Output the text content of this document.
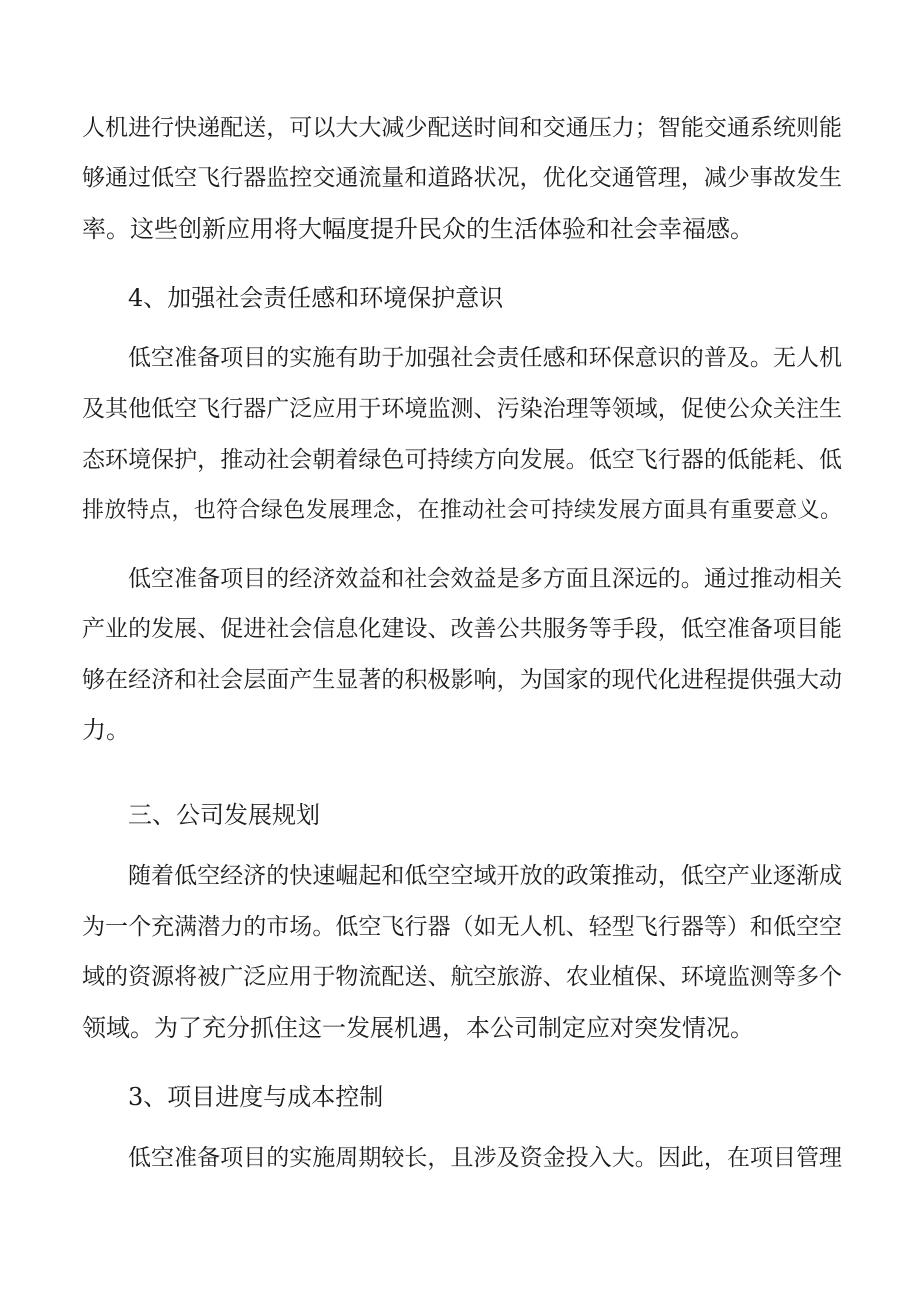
人机进行快递配送，可以大大减少配送时间和交通压力；智能交通系统则能
够通过低空飞行器监控交通流量和道路状况，优化交通管理，减少事故发生
率。这些创新应用将大幅度提升民众的生活体验和社会幸福感。
4、加强社会责任感和环境保护意识
低空准备项目的实施有助于加强社会责任感和环保意识的普及。无人机
及其他低空飞行器广泛应用于环境监测、污染治理等领域，促使公众关注生
态环境保护，推动社会朝着绿色可持续方向发展。低空飞行器的低能耗、低
排放特点，也符合绿色发展理念，在推动社会可持续发展方面具有重要意义。
低空准备项目的经济效益和社会效益是多方面且深远的。通过推动相关
产业的发展、促进社会信息化建设、改善公共服务等手段，低空准备项目能
够在经济和社会层面产生显著的积极影响，为国家的现代化进程提供强大动
力。
三、公司发展规划
随着低空经济的快速崛起和低空空域开放的政策推动，低空产业逐渐成
为一个充满潜力的市场。低空飞行器（如无人机、轻型飞行器等）和低空空
域的资源将被广泛应用于物流配送、航空旅游、农业植保、环境监测等多个
领域。为了充分抓住这一发展机遇，本公司制定应对突发情况。
3、项目进度与成本控制
低空准备项目的实施周期较长，且涉及资金投入大。因此，在项目管理
